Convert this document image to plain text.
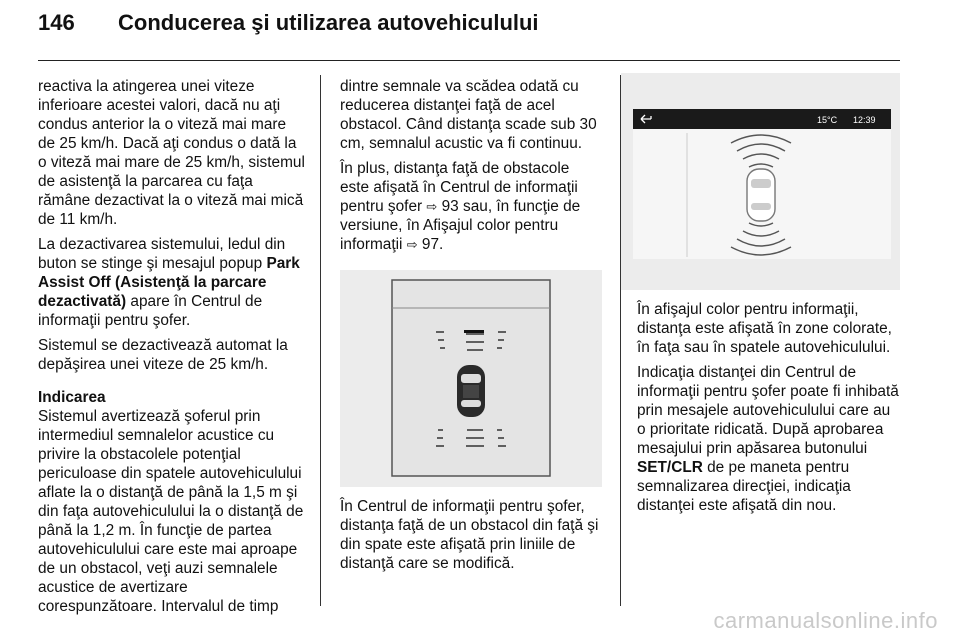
146	Conducerea şi utilizarea autovehiculului

reactiva la atingerea unei viteze inferioare acestei valori, dacă nu aţi condus anterior la o viteză mai mare de 25 km/h. Dacă aţi condus o dată la o viteză mai mare de 25 km/h, sistemul de asistenţă la parcarea cu faţa rămâne dezactivat la o viteză mai mică de 11 km/h.

La dezactivarea sistemului, ledul din buton se stinge şi mesajul popup Park Assist Off (Asistenţă la parcare dezactivată) apare în Centrul de informaţii pentru şofer.

Sistemul se dezactivează automat la depăşirea unei viteze de 25 km/h.

Indicarea

Sistemul avertizează şoferul prin intermediul semnalelor acustice cu privire la obstacolele potenţial periculoase din spatele autovehiculului aflate la o distanţă de până la 1,5 m şi din faţa autovehiculului la o distanţă de până la 1,2 m. În funcţie de partea autovehiculului care este mai aproape de un obstacol, veţi auzi semnalele acustice de avertizare corespunzătoare. Intervalul de timp

dintre semnale va scădea odată cu reducerea distanţei faţă de acel obstacol. Când distanţa scade sub 30 cm, semnalul acustic va fi continuu.

În plus, distanţa faţă de obstacole este afişată în Centrul de informaţii pentru şofer ⇨ 93 sau, în funcţie de versiune, în Afişajul color pentru informaţii ⇨ 97.

În Centrul de informaţii pentru şofer, distanţa faţă de un obstacol din faţă şi din spate este afişată prin liniile de distanţă care se modifică.

15°C 12:39

În afişajul color pentru informaţii, distanţa este afişată în zone colorate, în faţa sau în spatele autovehiculului.

Indicaţia distanţei din Centrul de informaţii pentru şofer poate fi inhibată prin mesajele autovehiculului care au o prioritate ridicată. După aprobarea mesajului prin apăsarea butonului SET/CLR de pe maneta pentru semnalizarea direcţiei, indicaţia distanţei este afişată din nou.

carmanualsonline.info
